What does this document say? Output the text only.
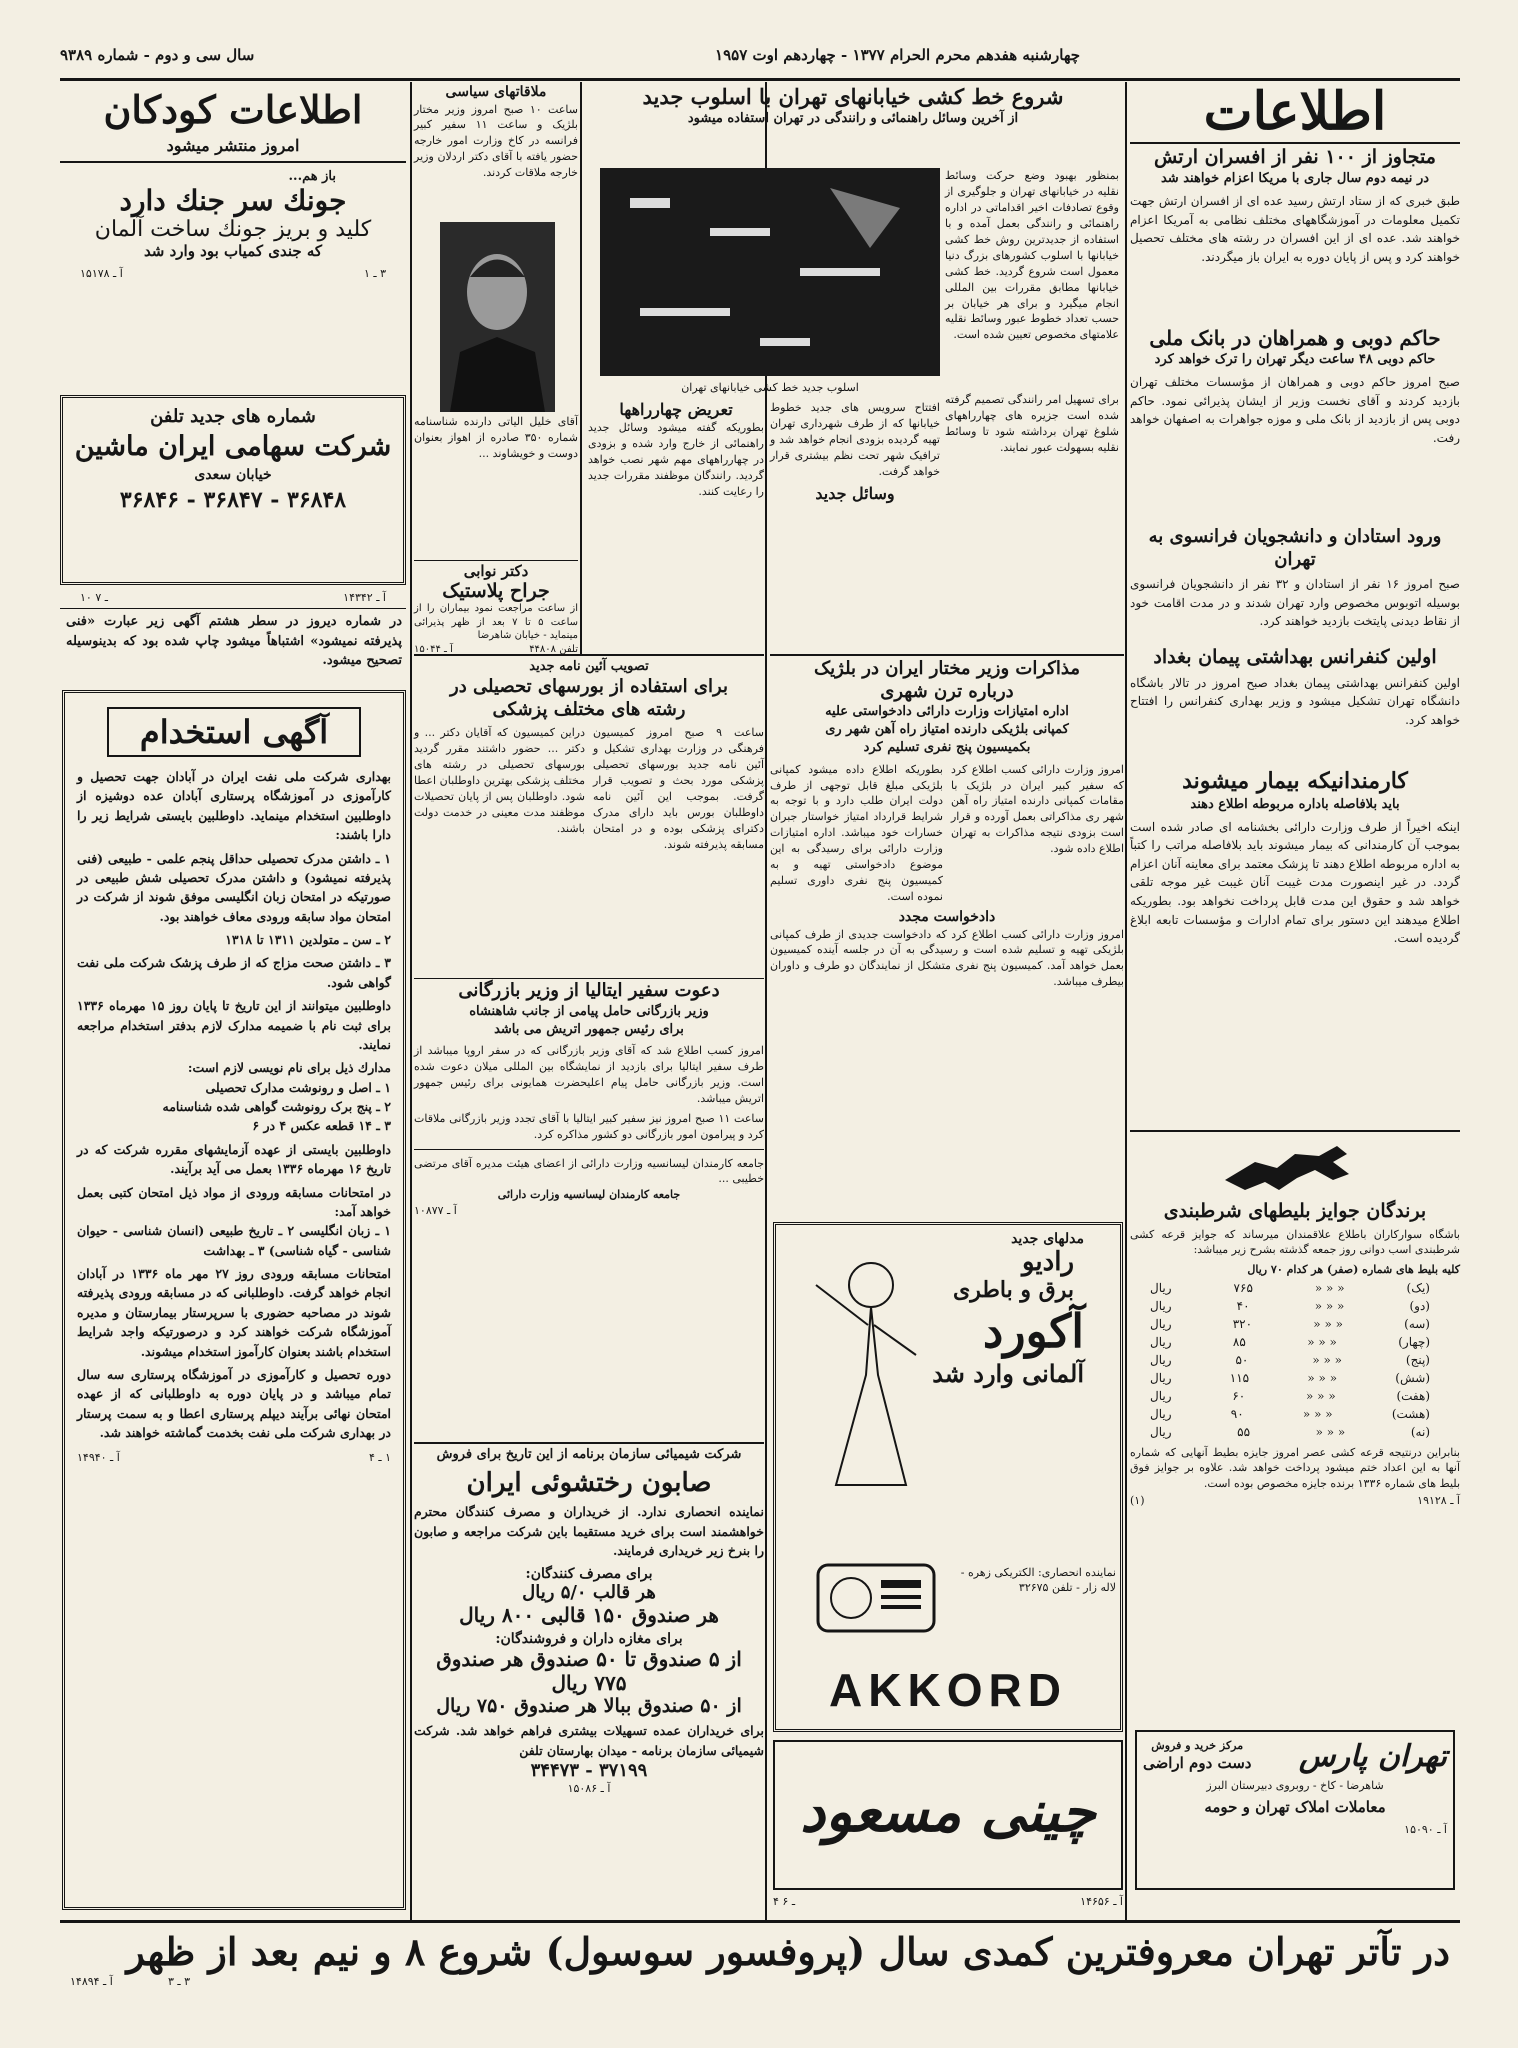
چهارشنبه هفدهم محرم الحرام ۱۳۷۷ - چهاردهم اوت ۱۹۵۷
سال سی و دوم - شماره ۹۳۸۹
اطلاعات
متجاوز از ۱۰۰ نفر از افسران ارتش
در نیمه دوم سال جاری با مریکا اعزام خواهند شد
طبق خبری که از ستاد ارتش رسید عده ای از افسران ارتش جهت تکمیل معلومات در آموزشگاههای مختلف نظامی به آمریکا اعزام خواهند شد. عده ای از این افسران در رشته های مختلف تحصیل خواهند کرد و پس از پایان دوره به ایران باز میگردند.
حاکم دوبی و همراهان در بانک ملی
حاکم دوبی ۴۸ ساعت دیگر تهران را ترک خواهد کرد
صبح امروز حاکم دوبی و همراهان از مؤسسات مختلف تهران بازدید کردند و آقای نخست وزیر از ایشان پذیرائی نمود. حاکم دوبی پس از بازدید از بانک ملی و موزه جواهرات به اصفهان خواهد رفت.
ورود استادان و دانشجویان فرانسوی به تهران
صبح امروز ۱۶ نفر از استادان و ۳۲ نفر از دانشجویان فرانسوی بوسیله اتوبوس مخصوص وارد تهران شدند و در مدت اقامت خود از نقاط دیدنی پایتخت بازدید خواهند کرد.
اولین کنفرانس بهداشتی پیمان بغداد
اولین کنفرانس بهداشتی پیمان بغداد صبح امروز در تالار باشگاه دانشگاه تهران تشکیل میشود و وزیر بهداری کنفرانس را افتتاح خواهد کرد.
کارمندانیکه بیمار میشوند
باید بلافاصله باداره مربوطه اطلاع دهند
اینکه اخیراً از طرف وزارت دارائی بخشنامه ای صادر شده است بموجب آن کارمندانی که بیمار میشوند باید بلافاصله مراتب را کتباً به اداره مربوطه اطلاع دهند تا پزشک معتمد برای معاینه آنان اعزام گردد. در غیر اینصورت مدت غیبت آنان غیبت غیر موجه تلقی خواهد شد و حقوق این مدت قابل پرداخت نخواهد بود. بطوریکه اطلاع میدهند این دستور برای تمام ادارات و مؤسسات تابعه ابلاغ گردیده است.
برندگان جوایز بلیطهای شرطبندی
باشگاه سوارکاران باطلاع علاقمندان میرساند که جوایز قرعه کشی شرطبندی اسب دوانی روز جمعه گذشته بشرح زیر میباشد:
کلیه بلیط های شماره (صفر) هر کدام ۷۰ ریال
(یک)
« « «
۷۶۵
ریال
(دو)
« « «
۴۰
ریال
(سه)
« « «
۳۲۰
ریال
(چهار)
« « «
۸۵
ریال
(پنج)
« « «
۵۰
ریال
(شش)
« « «
۱۱۵
ریال
(هفت)
« « «
۶۰
ریال
(هشت)
« « «
۹۰
ریال
(نه)
« « «
۵۵
ریال
بنابراین درنتیجه قرعه کشی عصر امروز جایزه بطیط آنهایی که شماره آنها به این اعداد ختم میشود پرداخت خواهد شد. علاوه بر جوایز فوق بلیط های شماره ۱۳۳۶ برنده جایزه مخصوص بوده است.
آ ـ ۱۹۱۲۸
(۱)
تهران پارس
مرکز خرید و فروش
دست دوم اراضی
شاهرضا - کاخ - روبروی دبیرستان البرز
معاملات املاک تهران و حومه
آ ـ ۱۵۰۹۰
شروع خط کشی خیابانهای تهران با اسلوب جدید
از آخرین وسائل راهنمائی و رانندگی در تهران استفاده میشود
بمنظور بهبود وضع حرکت وسائط نقلیه در خیابانهای تهران و جلوگیری از وقوع تصادفات اخیر اقداماتی در اداره راهنمائی و رانندگی بعمل آمده و با استفاده از جدیدترین روش خط کشی خیابانها با اسلوب کشورهای بزرگ دنیا معمول است شروع گردید. خط کشی خیابانها مطابق مقررات بین المللی انجام میگیرد و برای هر خیابان بر حسب تعداد خطوط عبور وسائط نقلیه علامتهای مخصوص تعیین شده است.
اسلوب جدید خط کشی خیابانهای تهران
برای تسهیل امر رانندگی تصمیم گرفته شده است جزیره های چهارراههای شلوغ تهران برداشته شود تا وسائط نقلیه بسهولت عبور نمایند.
افتتاح سرویس های جدید خطوط خیابانها که از طرف شهرداری تهران تهیه گردیده بزودی انجام خواهد شد و ترافیک شهر تحت نظم بیشتری قرار خواهد گرفت.
وسائل جدید
تعریض چهارراهها
بطوریکه گفته میشود وسائل جدید راهنمائی از خارج وارد شده و بزودی در چهارراههای مهم شهر نصب خواهد گردید. رانندگان موظفند مقررات جدید را رعایت کنند.
ملاقاتهای سیاسی
ساعت ۱۰ صبح امروز وزیر مختار بلژیک و ساعت ۱۱ سفیر کبیر فرانسه در کاخ وزارت امور خارجه حضور یافته با آقای دکتر اردلان وزیر خارجه ملاقات کردند.
آقای خلیل الیاتی دارنده شناسنامه شماره ۳۵۰ صادره از اهواز بعنوان دوست و خویشاوند ...
دکتر نوابی
جراح پلاستیک
از ساعت مراجعت نمود بیماران را از ساعت ۵ تا ۷ بعد از ظهر پذیرائی مینماید - خیابان شاهرضا
تلفن ۴۴۸۰۸
آ ـ ۱۵۰۴۴
اطلاعات کودکان
امروز منتشر میشود
باز هم...
جونك سر جنك دارد
کلید و بریز جونك ساخت آلمان
که جندی کمیاب بود وارد شد
۳ ـ ۱
آ ـ ۱۵۱۷۸
شماره های جدید تلفن
شرکت سهامی ایران ماشین
خیابان سعدی
۳۶۸۴۸ - ۳۶۸۴۷ - ۳۶۸۴۶
۱۰ ـ ۷	آ ـ ۱۴۳۴۲
در شماره دیروز در سطر هشتم آگهی زیر عبارت «فنی پذیرفته نمیشود» اشتباهاً میشود چاپ شده بود که بدینوسیله تصحیح میشود.
آگهی استخدام
بهداری شرکت ملی نفت ایران در آبادان جهت تحصیل و کارآموزی در آموزشگاه پرستاری آبادان عده دوشیزه از داوطلبین استخدام مینماید. داوطلبین بایستی شرایط زیر را دارا باشند:
۱ ـ داشتن مدرک تحصیلی حداقل پنجم علمی - طبیعی (فنی پذیرفته نمیشود) و داشتن مدرک تحصیلی شش طبیعی در صورتیکه در امتحان زبان انگلیسی موفق شوند از شرکت در امتحان مواد سابقه ورودی معاف خواهند بود.
۲ ـ سن ـ متولدین ۱۳۱۱ تا ۱۳۱۸
۳ ـ داشتن صحت مزاج که از طرف پزشک شرکت ملی نفت گواهی شود.
داوطلبین میتوانند از این تاریخ تا پایان روز ۱۵ مهرماه ۱۳۳۶ برای ثبت نام با ضمیمه مدارک لازم بدفتر استخدام مراجعه نمایند.
مدارك ذیل برای نام نویسی لازم است:
۱ ـ اصل و رونوشت مدارک تحصیلی
۲ ـ پنج برک رونوشت گواهی شده شناسنامه
۳ ـ ۱۴ قطعه عکس ۴ در ۶
داوطلبین بایستی از عهده آزمایشهای مقرره شرکت که در تاریخ ۱۶ مهرماه ۱۳۳۶ بعمل می آید برآیند.
در امتحانات مسابقه ورودی از مواد ذیل امتحان کتبی بعمل خواهد آمد:
۱ ـ زبان انگلیسی ۲ ـ تاریخ طبیعی (انسان شناسی - حیوان شناسی - گیاه شناسی) ۳ ـ بهداشت
امتحانات مسابقه ورودی روز ۲۷ مهر ماه ۱۳۳۶ در آبادان انجام خواهد گرفت. داوطلبانی که در مسابقه ورودی پذیرفته شوند در مصاحبه حضوری با سرپرستار بیمارستان و مدیره آموزشگاه شرکت خواهند کرد و درصورتیکه واجد شرایط استخدام باشند بعنوان کارآموز استخدام میشوند.
دوره تحصیل و کارآموزی در آموزشگاه پرستاری سه سال تمام میباشد و در پایان دوره به داوطلبانی که از عهده امتحان نهائی برآیند دیپلم پرستاری اعطا و به سمت پرستار در بهداری شرکت ملی نفت بخدمت گماشته خواهند شد.
۱ ـ ۴
آ ـ ۱۴۹۴۰
تصویب آئین نامه جدید
برای استفاده از بورسهای تحصیلی در
رشته های مختلف پزشکی
ساعت ۹ صبح امروز کمیسیون فرهنگی در وزارت بهداری تشکیل و آئین نامه جدید بورسهای تحصیلی پزشکی مورد بحث و تصویب قرار گرفت. بموجب این آئین نامه داوطلبان بورس باید دارای مدرک دکترای پزشکی بوده و در امتحان مسابقه پذیرفته شوند.
دراین کمیسیون که آقایان دکتر ... و دکتر ... حضور داشتند مقرر گردید بورسهای تحصیلی در رشته های مختلف پزشکی بهترین داوطلبان اعطا شود. داوطلبان پس از پایان تحصیلات موظفند مدت معینی در خدمت دولت باشند.
دعوت سفیر ایتالیا از وزیر بازرگانی
وزیر بازرگانی حامل پیامی از جانب شاهنشاه
برای رئیس جمهور اتریش می باشد
امروز کسب اطلاع شد که آقای وزیر بازرگانی که در سفر اروپا میباشد از طرف سفیر ایتالیا برای بازدید از نمایشگاه بین المللی میلان دعوت شده است. وزیر بازرگانی حامل پیام اعلیحضرت همایونی برای رئیس جمهور اتریش میباشد.
ساعت ۱۱ صبح امروز نیز سفیر کبیر ایتالیا با آقای تجدد وزیر بازرگانی ملاقات کرد و پیرامون امور بازرگانی دو کشور مذاکره کرد.
جامعه کارمندان لیسانسیه وزارت دارائی از اعضای هیئت مدیره آقای مرتضی خطیبی ...
جامعه کارمندان لیسانسیه وزارت دارائی
آ ـ ۱۰۸۷۷
شرکت شیمیائی سازمان برنامه از این تاریخ برای فروش
صابون رختشوئی ایران
نماینده انحصاری ندارد. از خریداران و مصرف کنندگان محترم خواهشمند است برای خرید مستقیما باین شرکت مراجعه و صابون را بنرخ زیر خریداری فرمایند.
برای مصرف کنندگان:
هر قالب ۵/۰ ریال
هر صندوق ۱۵۰ قالبی ۸۰۰ ریال
برای مغازه داران و فروشندگان:
از ۵ صندوق تا ۵۰ صندوق هر صندوق
۷۷۵ ریال
از ۵۰ صندوق ببالا هر صندوق ۷۵۰ ریال
برای خریداران عمده تسهیلات بیشتری فراهم خواهد شد. شرکت شیمیائی سازمان برنامه - میدان بهارستان تلفن
۳۷۱۹۹ - ۳۴۴۷۳
آ ـ ۱۵۰۸۶
مذاکرات وزیر مختار ایران در بلژیک
درباره ترن شهری
اداره امتیازات وزارت دارائی دادخواستی علیه
کمپانی بلژیکی دارنده امتیاز راه آهن شهر ری
بکمیسیون پنج نفری تسلیم کرد
امروز وزارت دارائی کسب اطلاع کرد که سفیر کبیر ایران در بلژیک با مقامات کمپانی دارنده امتیاز راه آهن شهر ری مذاکراتی بعمل آورده و قرار است بزودی نتیجه مذاکرات به تهران اطلاع داده شود.
بطوریکه اطلاع داده میشود کمپانی بلژیکی مبلغ قابل توجهی از طرف دولت ایران طلب دارد و با توجه به شرایط قرارداد امتیاز خواستار جبران خسارات خود میباشد. اداره امتیازات وزارت دارائی برای رسیدگی به این موضوع دادخواستی تهیه و به کمیسیون پنج نفری داوری تسلیم نموده است.
دادخواست مجدد
امروز وزارت دارائی کسب اطلاع کرد که دادخواست جدیدی از طرف کمپانی بلژیکی تهیه و تسلیم شده است و رسیدگی به آن در جلسه آینده کمیسیون بعمل خواهد آمد. کمیسیون پنج نفری متشکل از نمایندگان دو طرف و داوران بیطرف میباشد.
مدلهای جدید
رادیو
برق و باطری
آکورد
آلمانی وارد شد
نماینده انحصاری: الکتریکی زهره - لاله زار - تلفن ۳۲۶۷۵
AKKORD
چینی مسعود
۴ ـ ۶	آ ـ ۱۴۶۵۶
در تآتر تهران معروفترین کمدی سال (پروفسور سوسول) شروع ۸ و نیم بعد از ظهر
۳ ـ ۳
آ ـ ۱۴۸۹۴
